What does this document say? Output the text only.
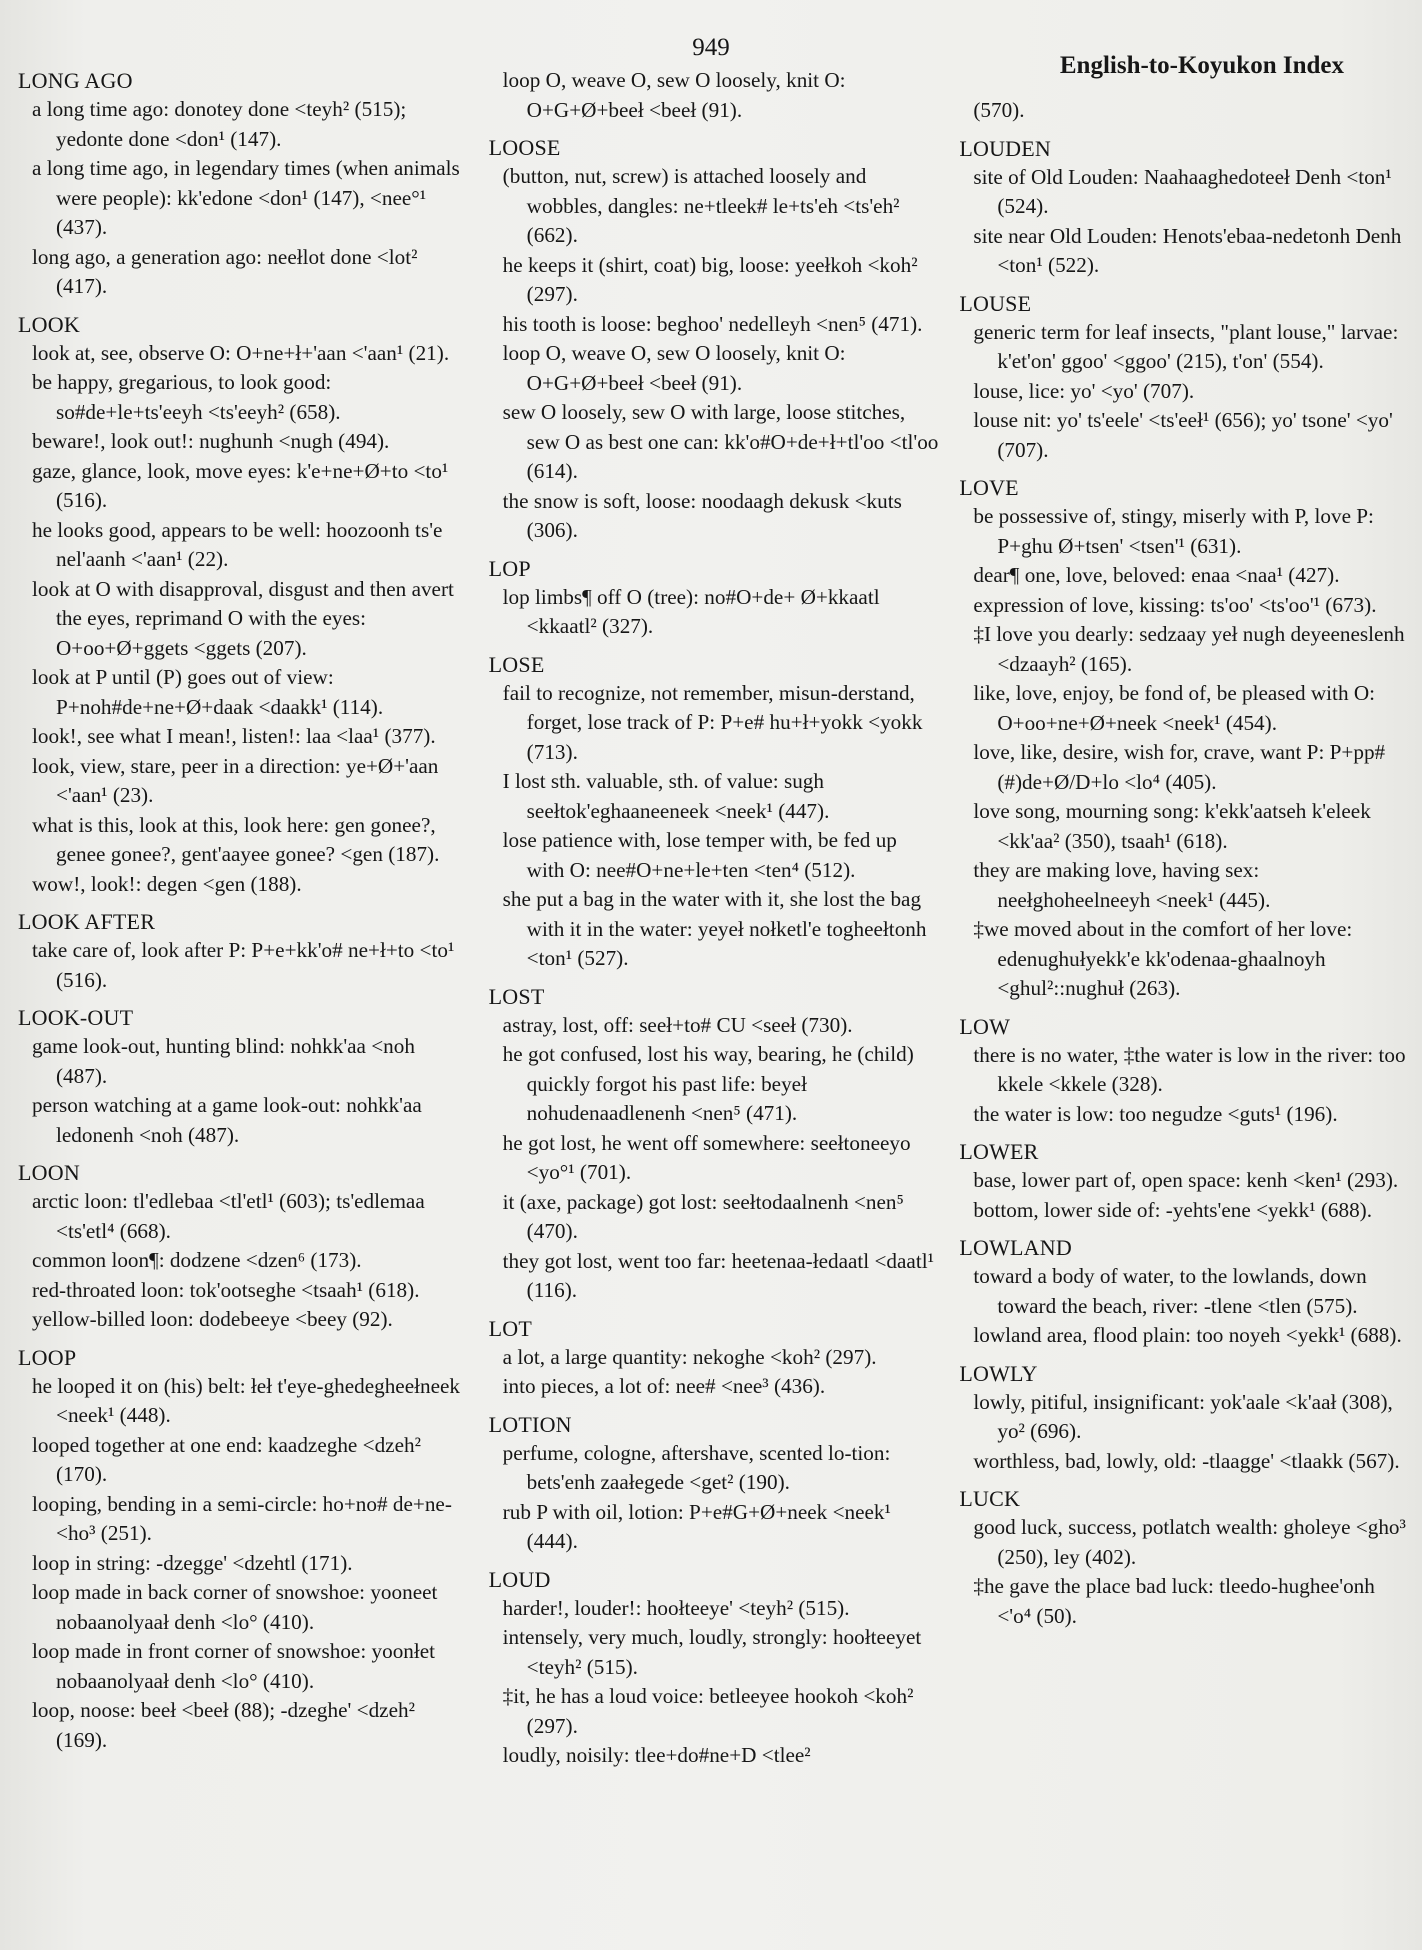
949
English-to-Koyukon Index
LONG AGO
a long time ago: donotey done <teyh² (515); yedonte done <don¹ (147).
a long time ago, in legendary times (when animals were people): kk'edone <don¹ (147), <nee°¹ (437).
long ago, a generation ago: neełlot done <lot² (417).
LOOK
look at, see, observe O: O+ne+ł+'aan <'aan¹ (21).
be happy, gregarious, to look good: so#de+le+ts'eeyh <ts'eeyh² (658).
beware!, look out!: nughunh <nugh (494).
gaze, glance, look, move eyes: k'e+ne+Ø+to <to¹ (516).
he looks good, appears to be well: hoozoonh ts'e nel'aanh <'aan¹ (22).
look at O with disapproval, disgust and then avert the eyes, reprimand O with the eyes: O+oo+Ø+ggets <ggets (207).
look at P until (P) goes out of view: P+noh#de+ne+Ø+daak <daakk¹ (114).
look!, see what I mean!, listen!: laa <laa¹ (377).
look, view, stare, peer in a direction: ye+Ø+'aan <'aan¹ (23).
what is this, look at this, look here: gen gonee?, genee gonee?, gent'aayee gonee? <gen (187).
wow!, look!: degen <gen (188).
LOOK AFTER
take care of, look after P: P+e+kk'o# ne+ł+to <to¹ (516).
LOOK-OUT
game look-out, hunting blind: nohkk'aa <noh (487).
person watching at a game look-out: nohkk'aa ledonenh <noh (487).
LOON
arctic loon: tl'edlebaa <tl'etl¹ (603); ts'edlemaa <ts'etl⁴ (668).
common loon¶: dodzene <dzen⁶ (173).
red-throated loon: tok'ootseghe <tsaah¹ (618).
yellow-billed loon: dodebeeye <beey (92).
LOOP
he looped it on (his) belt: łeł t'eye-ghedegheełneek <neek¹ (448).
looped together at one end: kaadzeghe <dzeh² (170).
looping, bending in a semi-circle: ho+no# de+ne- <ho³ (251).
loop in string: -dzegge' <dzehtl (171).
loop made in back corner of snowshoe: yooneet nobaanolyaał denh <lo° (410).
loop made in front corner of snowshoe: yoonłet nobaanolyaał denh <lo° (410).
loop, noose: beeł <beeł (88); -dzeghe' <dzeh² (169).
loop O, weave O, sew O loosely, knit O: O+G+Ø+beeł <beeł (91).
LOOSE
(button, nut, screw) is attached loosely and wobbles, dangles: ne+tleek# le+ts'eh <ts'eh² (662).
he keeps it (shirt, coat) big, loose: yeełkoh <koh² (297).
his tooth is loose: beghoo' nedelleyh <nen⁵ (471).
loop O, weave O, sew O loosely, knit O: O+G+Ø+beeł <beeł (91).
sew O loosely, sew O with large, loose stitches, sew O as best one can: kk'o#O+de+ł+tl'oo <tl'oo (614).
the snow is soft, loose: noodaagh dekusk <kuts (306).
LOP
lop limbs¶ off O (tree): no#O+de+ Ø+kkaatl <kkaatl² (327).
LOSE
fail to recognize, not remember, misun-derstand, forget, lose track of P: P+e# hu+ł+yokk <yokk (713).
I lost sth. valuable, sth. of value: sugh seełtok'eghaaneeneek <neek¹ (447).
lose patience with, lose temper with, be fed up with O: nee#O+ne+le+ten <ten⁴ (512).
she put a bag in the water with it, she lost the bag with it in the water: yeyeł nołketl'e togheełtonh <ton¹ (527).
LOST
astray, lost, off: seeł+to# CU <seeł (730).
he got confused, lost his way, bearing, he (child) quickly forgot his past life: beyeł nohudenaadlenenh <nen⁵ (471).
he got lost, he went off somewhere: seełtoneeyo <yo°¹ (701).
it (axe, package) got lost: seełtodaalnenh <nen⁵ (470).
they got lost, went too far: heetenaa-łedaatl <daatl¹ (116).
LOT
a lot, a large quantity: nekoghe <koh² (297).
into pieces, a lot of: nee# <nee³ (436).
LOTION
perfume, cologne, aftershave, scented lo-tion: bets'enh zaałegede <get² (190).
rub P with oil, lotion: P+e#G+Ø+neek <neek¹ (444).
LOUD
harder!, louder!: hoołteeye' <teyh² (515).
intensely, very much, loudly, strongly: hoołteeyet <teyh² (515).
‡it, he has a loud voice: betleeyee hookoh <koh² (297).
loudly, noisily: tlee+do#ne+D <tlee²
(570).
LOUDEN
site of Old Louden: Naahaaghedoteeł Denh <ton¹ (524).
site near Old Louden: Henots'ebaa-nedetonh Denh <ton¹ (522).
LOUSE
generic term for leaf insects, "plant louse," larvae: k'et'on' ggoo' <ggoo' (215), t'on' (554).
louse, lice: yo' <yo' (707).
louse nit: yo' ts'eele' <ts'eeł¹ (656); yo' tsone' <yo' (707).
LOVE
be possessive of, stingy, miserly with P, love P: P+ghu Ø+tsen' <tsen'¹ (631).
dear¶ one, love, beloved: enaa <naa¹ (427).
expression of love, kissing: ts'oo' <ts'oo'¹ (673).
‡I love you dearly: sedzaay yeł nugh deyeeneslenh <dzaayh² (165).
like, love, enjoy, be fond of, be pleased with O: O+oo+ne+Ø+neek <neek¹ (454).
love, like, desire, wish for, crave, want P: P+pp#(#)de+Ø/D+lo <lo⁴ (405).
love song, mourning song: k'ekk'aatseh k'eleek <kk'aa² (350), tsaah¹ (618).
they are making love, having sex: neełghoheelneeyh <neek¹ (445).
‡we moved about in the comfort of her love: edenughułyekk'e kk'odenaa-ghaalnoyh <ghul²::nughuł (263).
LOW
there is no water, ‡the water is low in the river: too kkele <kkele (328).
the water is low: too negudze <guts¹ (196).
LOWER
base, lower part of, open space: kenh <ken¹ (293).
bottom, lower side of: -yehts'ene <yekk¹ (688).
LOWLAND
toward a body of water, to the lowlands, down toward the beach, river: -tlene <tlen (575).
lowland area, flood plain: too noyeh <yekk¹ (688).
LOWLY
lowly, pitiful, insignificant: yok'aale <k'aał (308), yo² (696).
worthless, bad, lowly, old: -tlaagge' <tlaakk (567).
LUCK
good luck, success, potlatch wealth: gholeye <gho³ (250), ley (402).
‡he gave the place bad luck: tleedo-hughee'onh <'o⁴ (50).
